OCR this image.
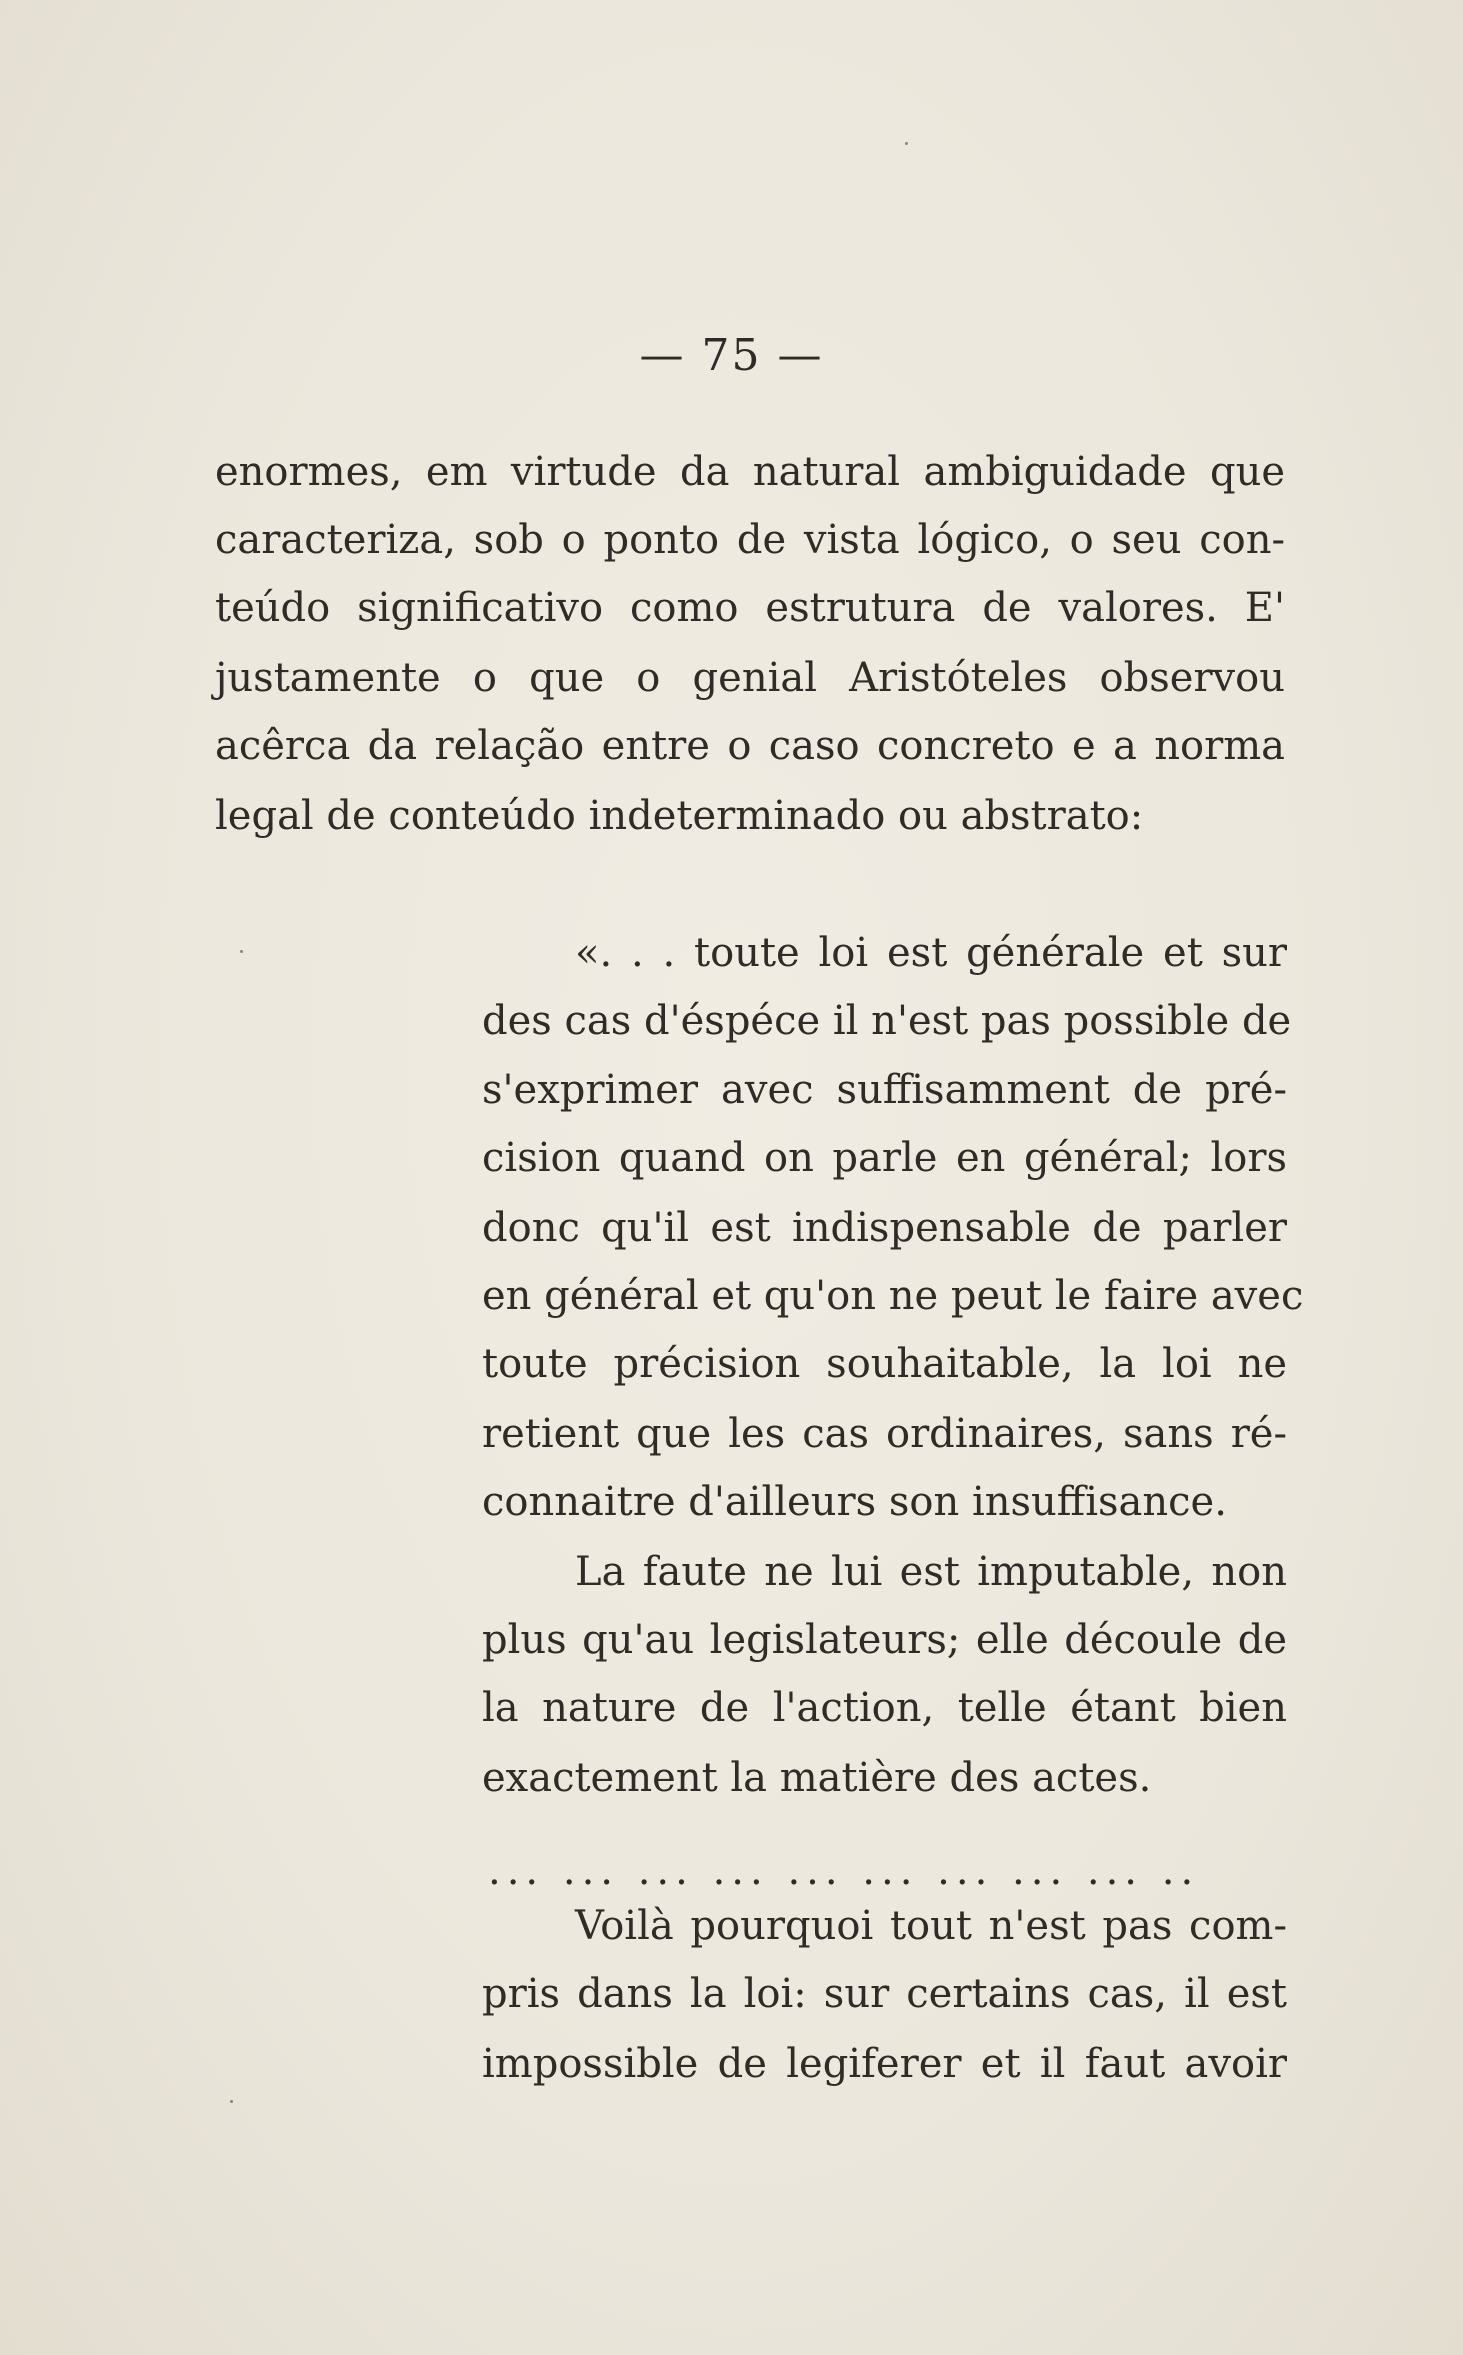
— 75 —
enormes, em virtude da natural ambiguidade que
caracteriza, sob o ponto de vista lógico, o seu con-
teúdo significativo como estrutura de valores. E'
justamente o que o genial Aristóteles observou
acêrca da relação entre o caso concreto e a norma
legal de conteúdo indeterminado ou abstrato:
«. . . toute loi est générale et sur
des cas d'éspéce il n'est pas possible de
s'exprimer avec suffisamment de pré-
cision quand on parle en général; lors
donc qu'il est indispensable de parler
en général et qu'on ne peut le faire avec
toute précision souhaitable, la loi ne
retient que les cas ordinaires, sans ré-
connaitre d'ailleurs son insuffisance.
La faute ne lui est imputable, non
plus qu'au legislateurs; elle découle de
la nature de l'action, telle étant bien
exactement la matière des actes.
... ... ... ... ... ... ... ... ... ..
Voilà pourquoi tout n'est pas com-
pris dans la loi: sur certains cas, il est
impossible de legiferer et il faut avoir
